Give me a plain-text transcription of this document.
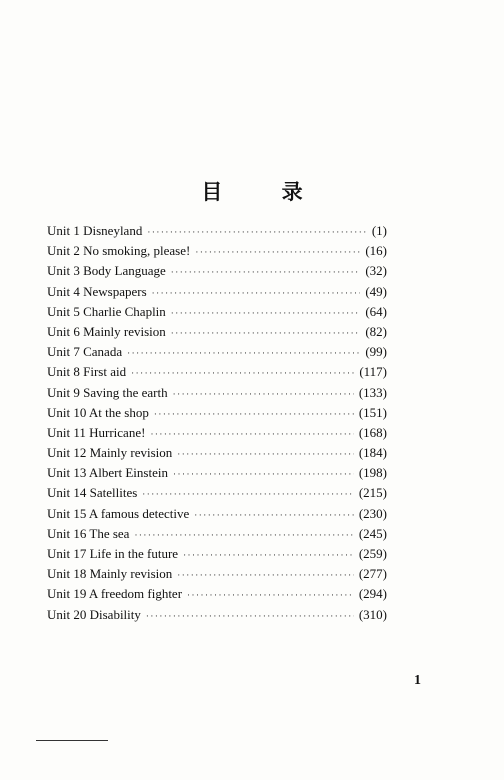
目 录
Unit 1 Disneyland ·····	(1)
Unit 2 No smoking, please! ·····	(16)
Unit 3 Body Language ·····	(32)
Unit 4 Newspapers ·····	(49)
Unit 5 Charlie Chaplin ·····	(64)
Unit 6 Mainly revision ·····	(82)
Unit 7 Canada ·····	(99)
Unit 8 First aid ·····	(117)
Unit 9 Saving the earth ·····	(133)
Unit 10 At the shop ·····	(151)
Unit 11 Hurricane! ·····	(168)
Unit 12 Mainly revision ·····	(184)
Unit 13 Albert Einstein ·····	(198)
Unit 14 Satellites ·····	(215)
Unit 15 A famous detective ·····	(230)
Unit 16 The sea ·····	(245)
Unit 17 Life in the future ·····	(259)
Unit 18 Mainly revision ·····	(277)
Unit 19 A freedom fighter ·····	(294)
Unit 20 Disability ·····	(310)
1
